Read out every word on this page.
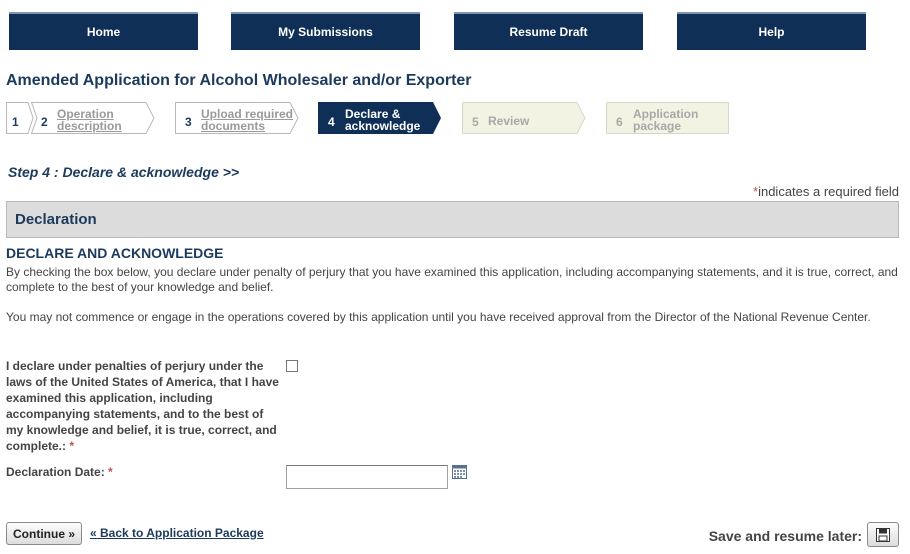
Home	My Submissions	Resume Draft	Help
Amended Application for Alcohol Wholesaler and/or Exporter
1 2
Operation
description	3
Upload required
documents	4
Declare &
acknowledge	5 Review	6
Application
package
Step 4 : Declare & acknowledge >>
*indicates a required field
Declaration
DECLARE AND ACKNOWLEDGE
By checking the box below, you declare under penalty of perjury that you have examined this application, including accompanying statements, and it is true, correct, and complete to the best of your knowledge and belief.
You may not commence or engage in the operations covered by this application until you have received approval from the Director of the National Revenue Center.
I declare under penalties of perjury under the laws of the United States of America, that I have examined this application, including accompanying statements, and to the best of my knowledge and belief, it is true, correct, and complete.: *
Declaration Date: *
Continue »	« Back to Application Package	Save and resume later:
